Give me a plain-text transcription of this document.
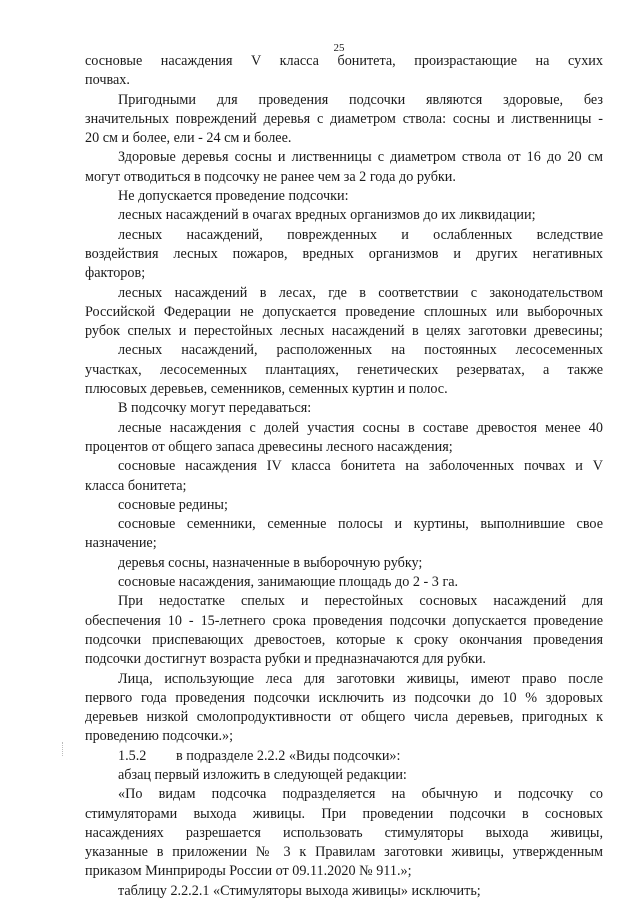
25
сосновые насаждения V класса бонитета, произрастающие на сухих
почвах.
Пригодными для проведения подсочки являются здоровые, без
значительных повреждений деревья с диаметром ствола: сосны и лиственницы -
20 см и более, ели - 24 см и более.
Здоровые деревья сосны и лиственницы с диаметром ствола от 16 до 20 см
могут отводиться в подсочку не ранее чем за 2 года до рубки.
Не допускается проведение подсочки:
лесных насаждений в очагах вредных организмов до их ликвидации;
лесных насаждений, поврежденных и ослабленных вследствие
воздействия лесных пожаров, вредных организмов и других негативных
факторов;
лесных насаждений в лесах, где в соответствии с законодательством
Российской Федерации не допускается проведение сплошных или выборочных
рубок спелых и перестойных лесных насаждений в целях заготовки древесины;
лесных насаждений, расположенных на постоянных лесосеменных
участках, лесосеменных плантациях, генетических резерватах, а также
плюсовых деревьев, семенников, семенных куртин и полос.
В подсочку могут передаваться:
лесные насаждения с долей участия сосны в составе древостоя менее 40
процентов от общего запаса древесины лесного насаждения;
сосновые насаждения IV класса бонитета на заболоченных почвах и V
класса бонитета;
сосновые редины;
сосновые семенники, семенные полосы и куртины, выполнившие свое
назначение;
деревья сосны, назначенные в выборочную рубку;
сосновые насаждения, занимающие площадь до 2 - 3 га.
При недостатке спелых и перестойных сосновых насаждений для
обеспечения 10 - 15-летнего срока проведения подсочки допускается проведение
подсочки приспевающих древостоев, которые к сроку окончания проведения
подсочки достигнут возраста рубки и предназначаются для рубки.
Лица, использующие леса для заготовки живицы, имеют право после
первого года проведения подсочки исключить из подсочки до 10 % здоровых
деревьев низкой смолопродуктивности от общего числа деревьев, пригодных к
проведению подсочки.»;
1.5.2 в подразделе 2.2.2 «Виды подсочки»:
абзац первый изложить в следующей редакции:
«По видам подсочка подразделяется на обычную и подсочку со
стимуляторами выхода живицы. При проведении подсочки в сосновых
насаждениях разрешается использовать стимуляторы выхода живицы,
указанные в приложении № 3 к Правилам заготовки живицы, утвержденным
приказом Минприроды России от 09.11.2020 № 911.»;
таблицу 2.2.2.1 «Стимуляторы выхода живицы» исключить;
